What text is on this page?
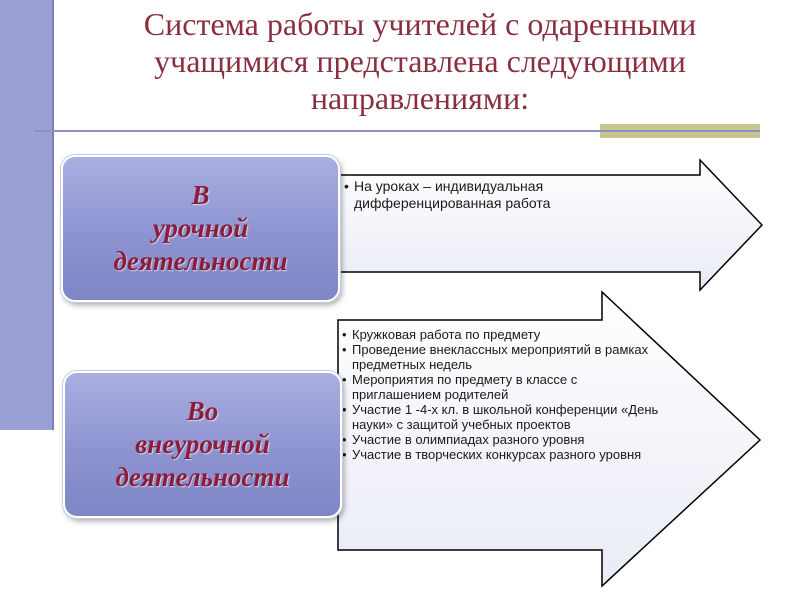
Система работы учителей с одаренными учащимися представлена следующими направлениями:
• На уроках – индивидуальная дифференцированная работа
• Кружковая работа по предмету
• Проведение внеклассных мероприятий в рамках предметных недель
• Мероприятия по предмету в классе с приглашением родителей
• Участие 1 -4-х кл. в школьной конференции «День науки» с защитой учебных проектов
• Участие в олимпиадах разного уровня
• Участие в творческих конкурсах разного уровня
В
урочной
деятельности
Во
внеурочной
деятельности
